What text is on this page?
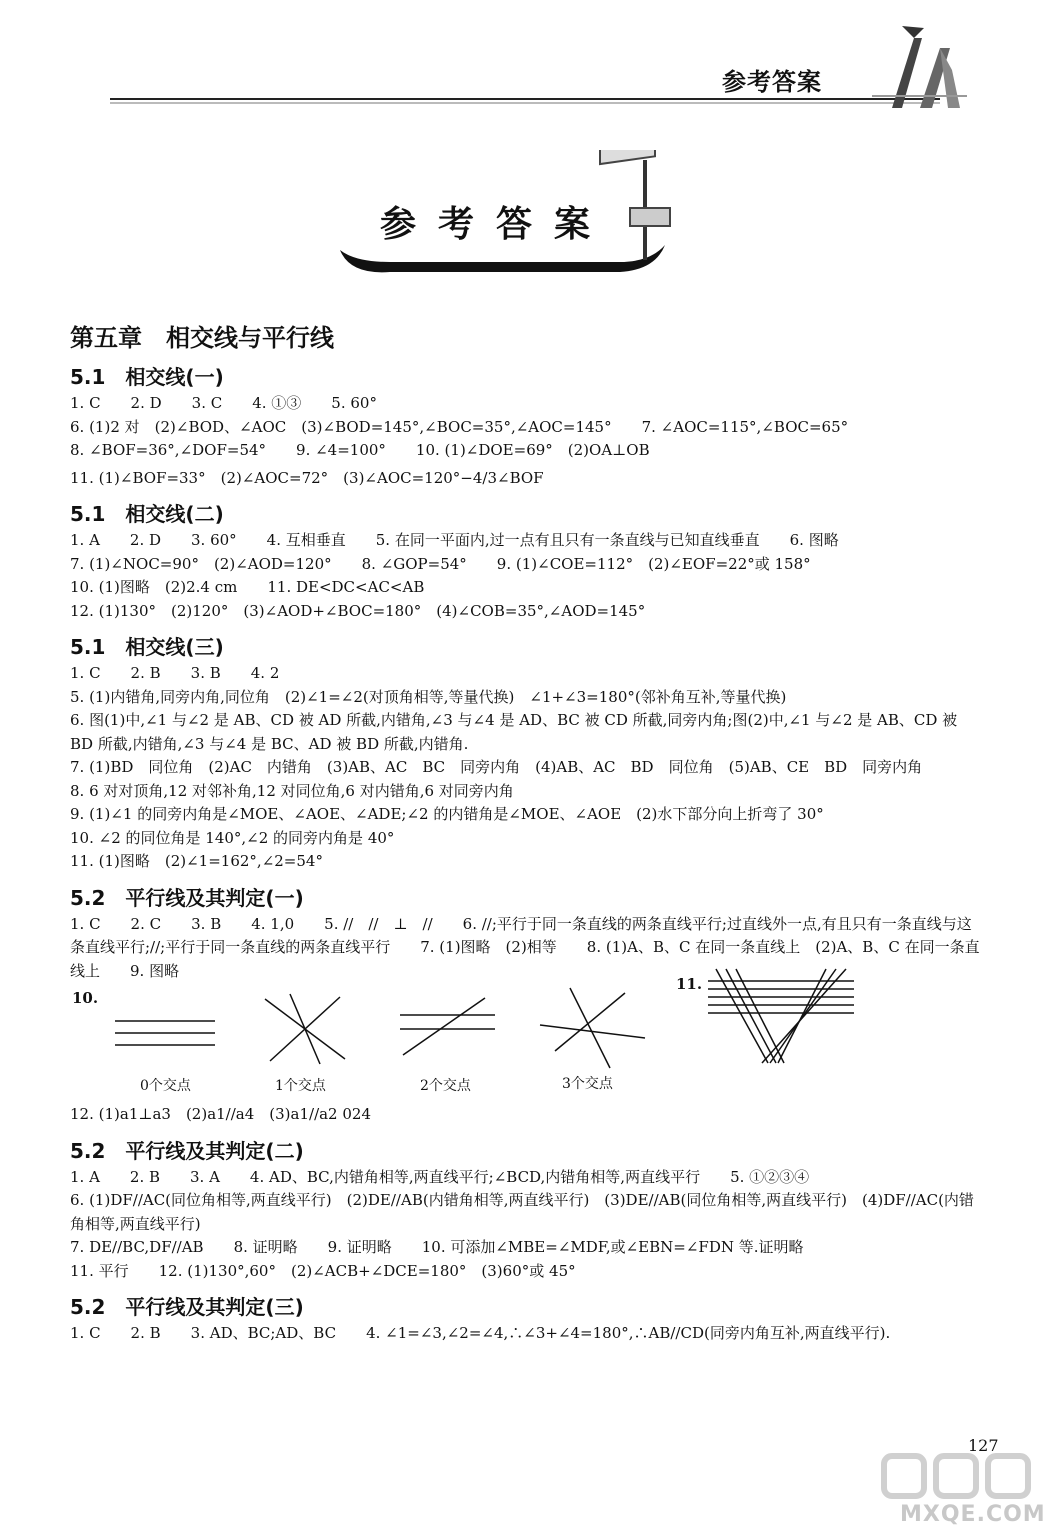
参考答案
参考答案
第五章　相交线与平行线
5.1　相交线(一)
1. C　　2. D　　3. C　　4. ①③　　5. 60°
6. (1)2 对　(2)∠BOD、∠AOC　(3)∠BOD=145°,∠BOC=35°,∠AOC=145°　　7. ∠AOC=115°,∠BOC=65°
8. ∠BOF=36°,∠DOF=54°　　9. ∠4=100°　　10. (1)∠DOE=69°　(2)OA⊥OB
11. (1)∠BOF=33°　(2)∠AOC=72°　(3)∠AOC=120°−4/3∠BOF
5.1　相交线(二)
1. A　　2. D　　3. 60°　　4. 互相垂直　　5. 在同一平面内,过一点有且只有一条直线与已知直线垂直　　6. 图略
7. (1)∠NOC=90°　(2)∠AOD=120°　　8. ∠GOP=54°　　9. (1)∠COE=112°　(2)∠EOF=22°或 158°
10. (1)图略　(2)2.4 cm　　11. DE<DC<AC<AB
12. (1)130°　(2)120°　(3)∠AOD+∠BOC=180°　(4)∠COB=35°,∠AOD=145°
5.1　相交线(三)
1. C　　2. B　　3. B　　4. 2
5. (1)内错角,同旁内角,同位角　(2)∠1=∠2(对顶角相等,等量代换)　∠1+∠3=180°(邻补角互补,等量代换)
6. 图(1)中,∠1 与∠2 是 AB、CD 被 AD 所截,内错角,∠3 与∠4 是 AD、BC 被 CD 所截,同旁内角;图(2)中,∠1 与∠2 是 AB、CD 被 BD 所截,内错角,∠3 与∠4 是 BC、AD 被 BD 所截,内错角.
7. (1)BD　同位角　(2)AC　内错角　(3)AB、AC　BC　同旁内角　(4)AB、AC　BD　同位角　(5)AB、CE　BD　同旁内角
8. 6 对对顶角,12 对邻补角,12 对同位角,6 对内错角,6 对同旁内角
9. (1)∠1 的同旁内角是∠MOE、∠AOE、∠ADE;∠2 的内错角是∠MOE、∠AOE　(2)水下部分向上折弯了 30°
10. ∠2 的同位角是 140°,∠2 的同旁内角是 40°
11. (1)图略　(2)∠1=162°,∠2=54°
5.2　平行线及其判定(一)
1. C　　2. C　　3. B　　4. 1,0　　5. //　//　⊥　//　　6. //;平行于同一条直线的两条直线平行;过直线外一点,有且只有一条直线与这条直线平行;//;平行于同一条直线的两条直线平行　　7. (1)图略　(2)相等　　8. (1)A、B、C 在同一条直线上　(2)A、B、C 在同一条直线上　　9. 图略
10.
11.
0个交点	1个交点	2个交点	3个交点
12. (1)a1⊥a3　(2)a1//a4　(3)a1//a2 024
5.2　平行线及其判定(二)
1. A　　2. B　　3. A　　4. AD、BC,内错角相等,两直线平行;∠BCD,内错角相等,两直线平行　　5. ①②③④
6. (1)DF//AC(同位角相等,两直线平行)　(2)DE//AB(内错角相等,两直线平行)　(3)DE//AB(同位角相等,两直线平行)　(4)DF//AC(内错角相等,两直线平行)
7. DE//BC,DF//AB　　8. 证明略　　9. 证明略　　10. 可添加∠MBE=∠MDF,或∠EBN=∠FDN 等.证明略
11. 平行　　12. (1)130°,60°　(2)∠ACB+∠DCE=180°　(3)60°或 45°
5.2　平行线及其判定(三)
1. C　　2. B　　3. AD、BC;AD、BC　　4. ∠1=∠3,∠2=∠4,∴∠3+∠4=180°,∴AB//CD(同旁内角互补,两直线平行).
127
MXQE.COM
